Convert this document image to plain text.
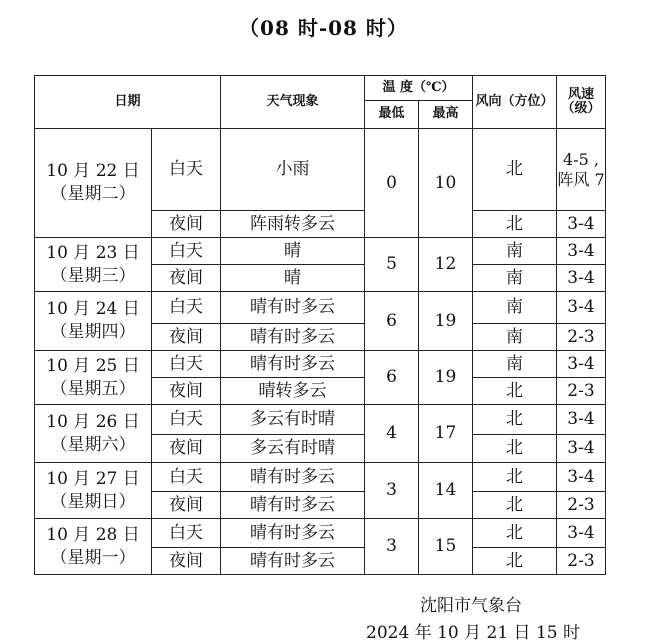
（08 时-08 时）
日期		天气现象	温 度（℃）		风向（方位）	风速（级）
			最低	最高		

10 月 22 日
（星期二）	白天	小雨	0	10	北	4-5 ,阵风 7
	夜间	阵雨转多云			北	3-4

10 月 23 日
（星期三）	白天	晴	5	12	南	3-4
	夜间	晴			南	3-4

10 月 24 日
（星期四）	白天	晴有时多云	6	19	南	3-4
	夜间	晴有时多云			南	2-3

10 月 25 日
（星期五）	白天	晴有时多云	6	19	南	3-4
	夜间	晴转多云			北	2-3

10 月 26 日
（星期六）	白天	多云有时晴	4	17	北	3-4
	夜间	多云有时晴			北	3-4

10 月 27 日
（星期日）	白天	晴有时多云	3	14	北	3-4
	夜间	晴有时多云			北	2-3

10 月 28 日
（星期一）	白天	晴有时多云	3	15	北	3-4
	夜间	晴有时多云			北	2-3
沈阳市气象台
2024 年 10 月 21 日 15 时
